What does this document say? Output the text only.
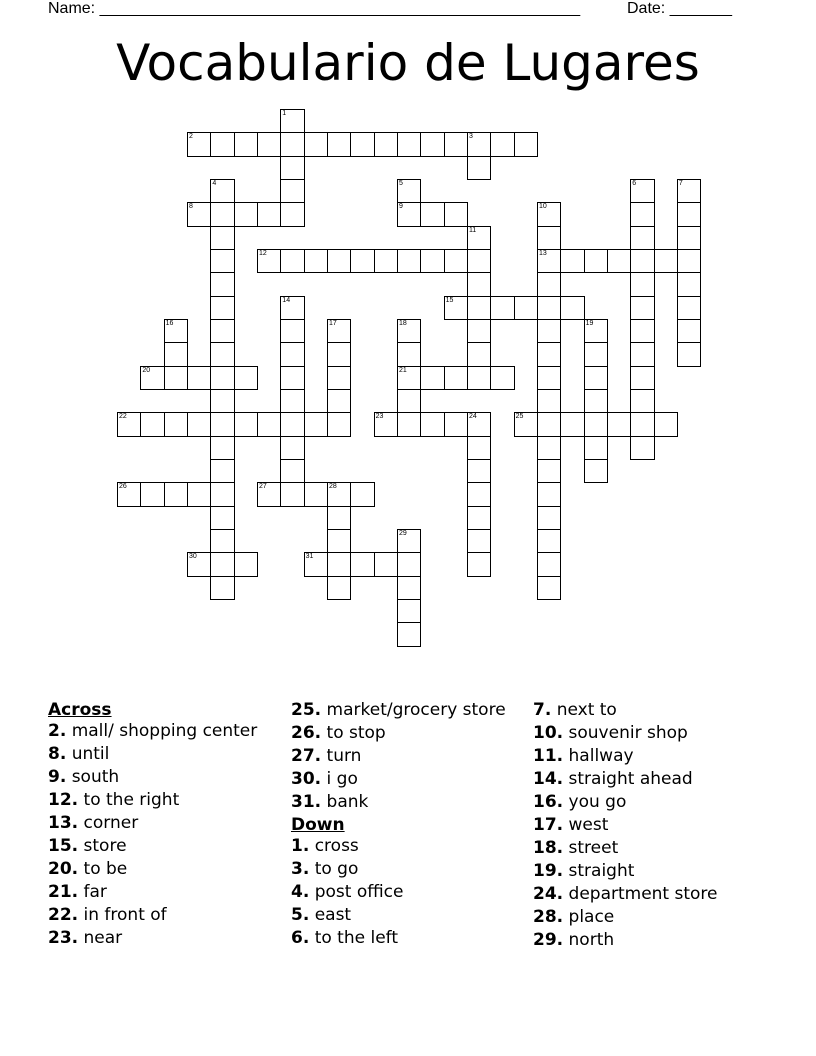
Name: ______________________________________________________	Date: _______
Vocabulario de Lugares
1
2	3
4	5
9
6	7
8	10
13
11
12
14	15
16	17	18
21
19
20
22	23	24	25
26	27	28
29
30	31
Across
2. mall/ shopping center
8. until
9. south
12. to the right
13. corner
15. store
20. to be
21. far
22. in front of
23. near
25. market/grocery store
26. to stop
27. turn
30. i go
31. bank
Down
1. cross
3. to go
4. post office
5. east
6. to the left
7. next to
10. souvenir shop
11. hallway
14. straight ahead
16. you go
17. west
18. street
19. straight
24. department store
28. place
29. north
